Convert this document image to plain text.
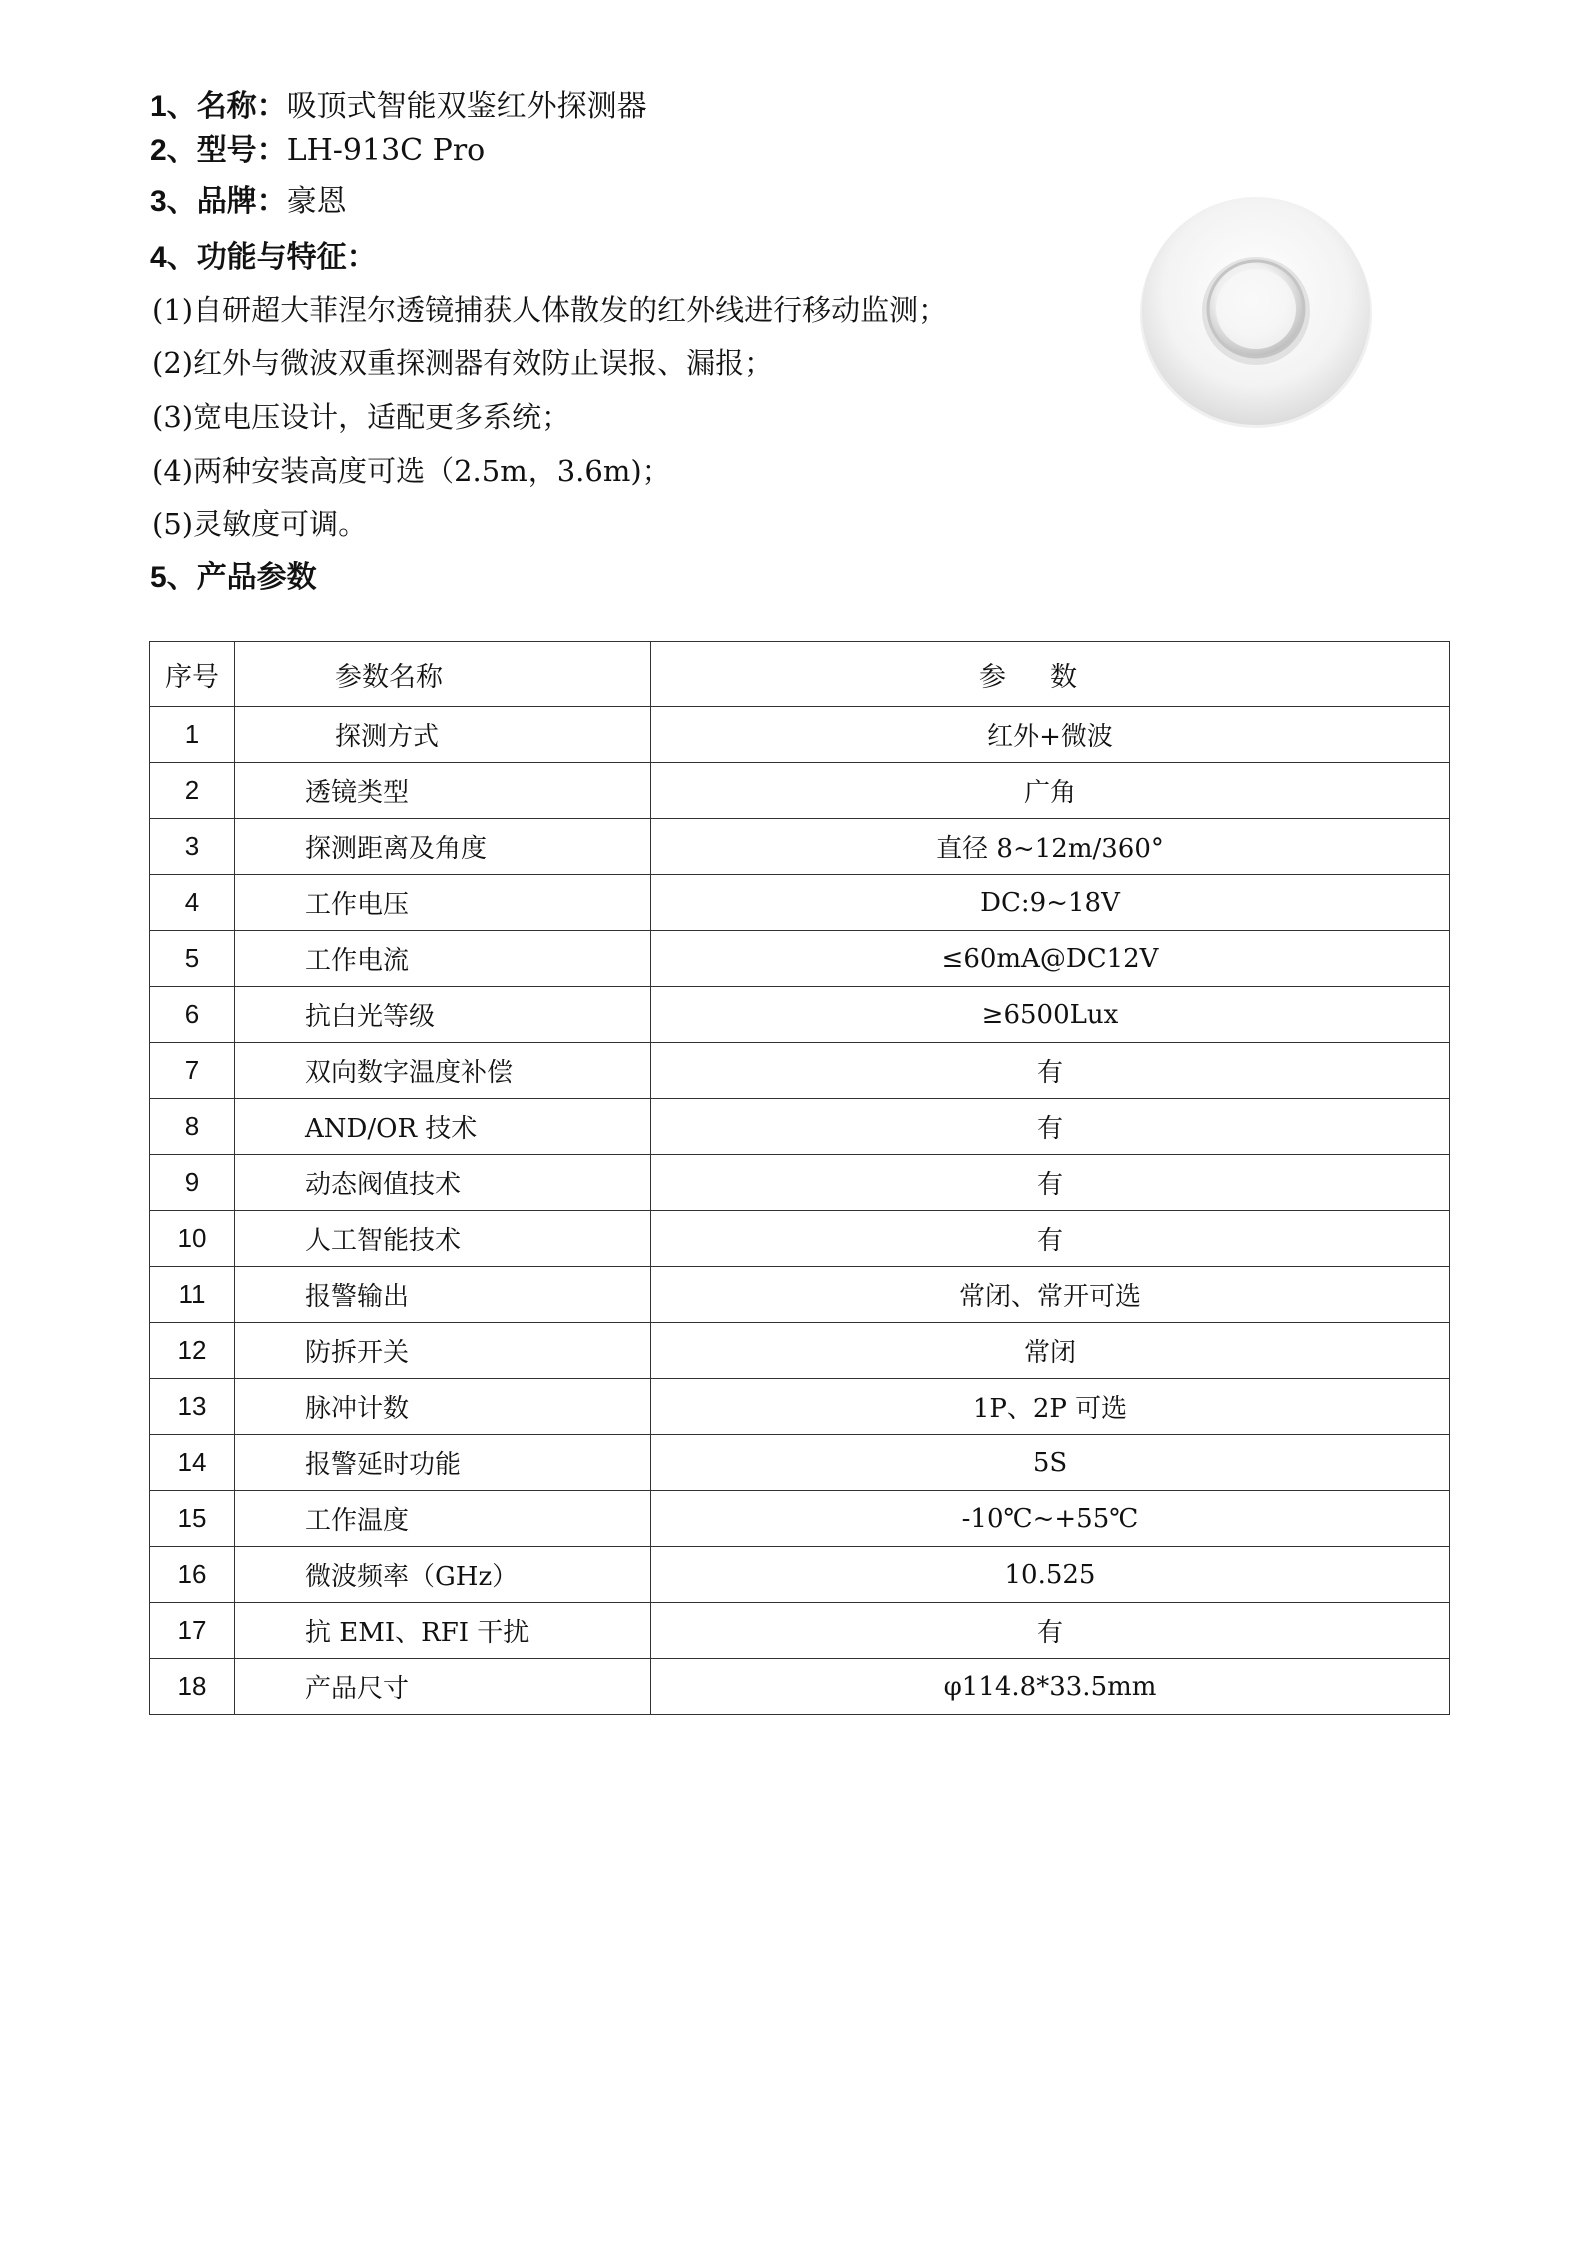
1、名称：吸顶式智能双鉴红外探测器
2、型号：LH-913C Pro
3、品牌：豪恩
4、功能与特征：
(1)自研超大菲涅尔透镜捕获人体散发的红外线进行移动监测；
(2)红外与微波双重探测器有效防止误报、漏报；
(3)宽电压设计，适配更多系统；
(4)两种安装高度可选（2.5m，3.6m)；
(5)灵敏度可调。
5、产品参数
序号	参数名称	参数
1	探测方式	红外+微波
2	透镜类型	广角
3	探测距离及角度	直径 8~12m/360°
4	工作电压	DC:9~18V
5	工作电流	≤60mA@DC12V
6	抗白光等级	≥6500Lux
7	双向数字温度补偿	有
8	AND/OR 技术	有
9	动态阀值技术	有
10	人工智能技术	有
11	报警输出	常闭、常开可选
12	防拆开关	常闭
13	脉冲计数	1P、2P 可选
14	报警延时功能	5S
15	工作温度	-10℃~+55℃
16	微波频率（GHz）	10.525
17	抗 EMI、RFI 干扰	有
18	产品尺寸	φ114.8*33.5mm
